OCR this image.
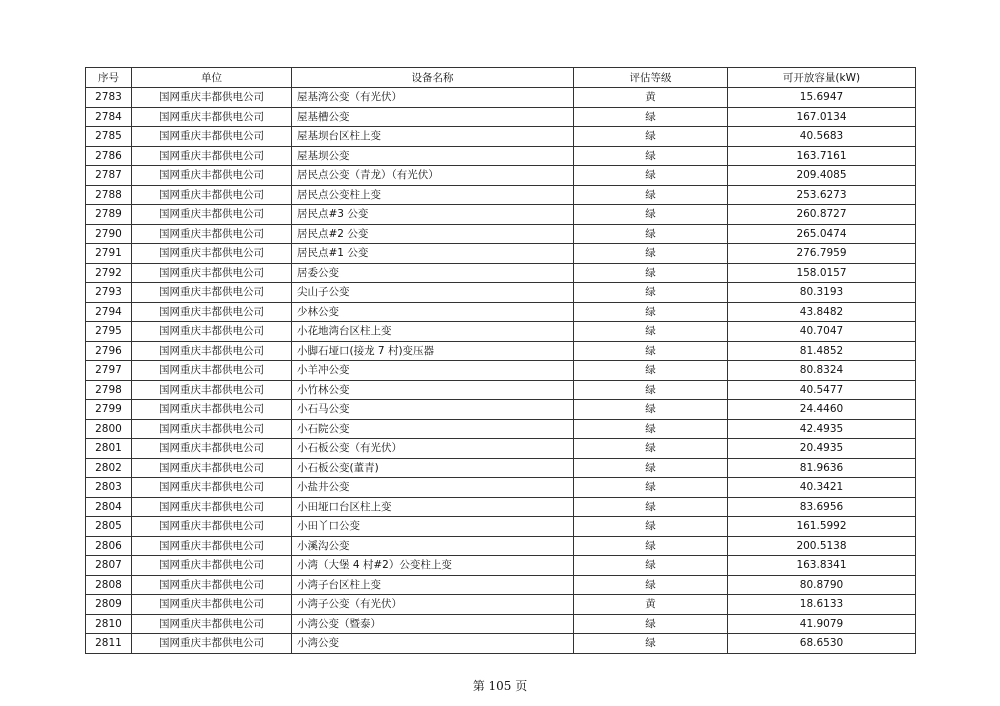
序号	单位	设备名称	评估等级	可开放容量(kW)
2783	国网重庆丰都供电公司	屋基湾公变（有光伏）	黄	15.6947
2784	国网重庆丰都供电公司	屋基槽公变	绿	167.0134
2785	国网重庆丰都供电公司	屋基坝台区柱上变	绿	40.5683
2786	国网重庆丰都供电公司	屋基坝公变	绿	163.7161
2787	国网重庆丰都供电公司	居民点公变（青龙）（有光伏）	绿	209.4085
2788	国网重庆丰都供电公司	居民点公变柱上变	绿	253.6273
2789	国网重庆丰都供电公司	居民点#3 公变	绿	260.8727
2790	国网重庆丰都供电公司	居民点#2 公变	绿	265.0474
2791	国网重庆丰都供电公司	居民点#1 公变	绿	276.7959
2792	国网重庆丰都供电公司	居委公变	绿	158.0157
2793	国网重庆丰都供电公司	尖山子公变	绿	80.3193
2794	国网重庆丰都供电公司	少林公变	绿	43.8482
2795	国网重庆丰都供电公司	小花地湾台区柱上变	绿	40.7047
2796	国网重庆丰都供电公司	小脚石垭口(接龙 7 村)变压器	绿	81.4852
2797	国网重庆丰都供电公司	小羊冲公变	绿	80.8324
2798	国网重庆丰都供电公司	小竹林公变	绿	40.5477
2799	国网重庆丰都供电公司	小石马公变	绿	24.4460
2800	国网重庆丰都供电公司	小石院公变	绿	42.4935
2801	国网重庆丰都供电公司	小石板公变（有光伏）	绿	20.4935
2802	国网重庆丰都供电公司	小石板公变(董青)	绿	81.9636
2803	国网重庆丰都供电公司	小盐井公变	绿	40.3421
2804	国网重庆丰都供电公司	小田垭口台区柱上变	绿	83.6956
2805	国网重庆丰都供电公司	小田丫口公变	绿	161.5992
2806	国网重庆丰都供电公司	小溪沟公变	绿	200.5138
2807	国网重庆丰都供电公司	小湾（大堡 4 村#2）公变柱上变	绿	163.8341
2808	国网重庆丰都供电公司	小湾子台区柱上变	绿	80.8790
2809	国网重庆丰都供电公司	小湾子公变（有光伏）	黄	18.6133
2810	国网重庆丰都供电公司	小湾公变（暨泰）	绿	41.9079
2811	国网重庆丰都供电公司	小湾公变	绿	68.6530
第 105 页
